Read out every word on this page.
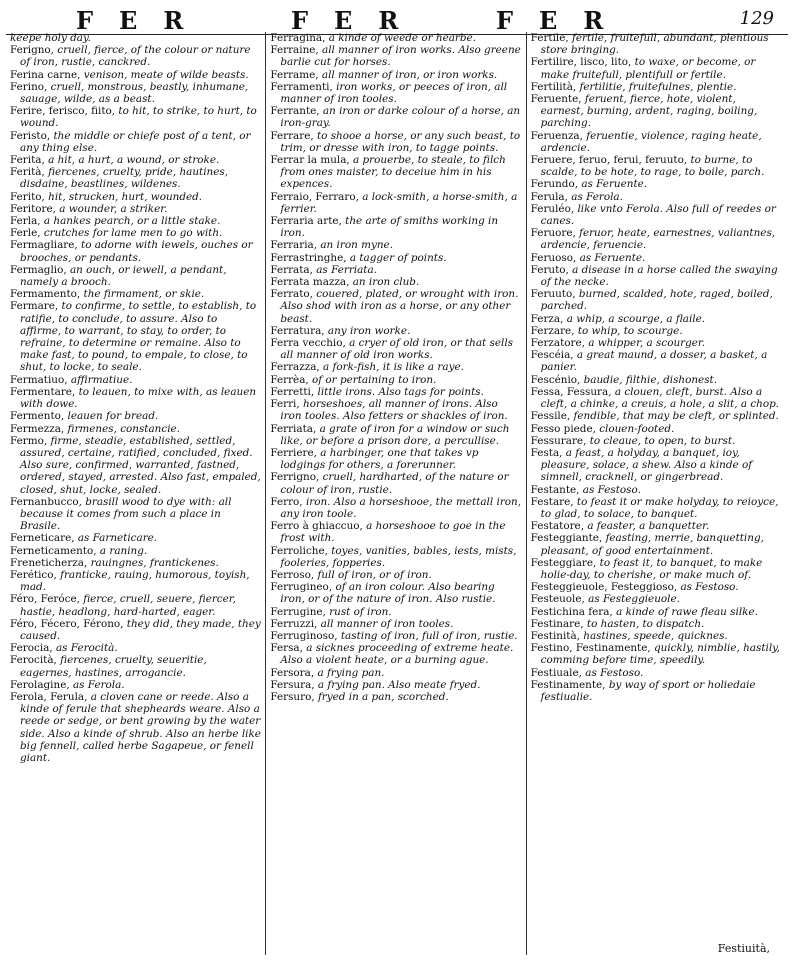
FER	FER	FER	129

keepe holy day.

Ferigno, cruell, fierce, of the colour or nature of iron, rustie, canckred.

Ferina carne, venison, meate of wilde beasts.

Ferino, cruell, monstrous, beastly, inhumane, sauage, wilde, as a beast.

Ferire, ferisco, fiito, to hit, to strike, to hurt, to wound.

Feristo, the middle or chiefe post of a tent, or any thing else.

Ferita, a hit, a hurt, a wound, or stroke.

Ferità, fiercenes, cruelty, pride, hautines, disdaine, beastlines, wildenes.

Ferito, hit, strucken, hurt, wounded.

Feritore, a wounder, a striker.

Ferla, a hankes pearch, or a little stake.

Ferle, crutches for lame men to go with.

Fermagliare, to adorne with iewels, ouches or brooches, or pendants.

Fermaglio, an ouch, or iewell, a pendant, namely a brooch.

Fermamento, the firmament, or skie.

Fermare, to confirme, to settle, to establish, to ratifie, to conclude, to assure. Also to affirme, to warrant, to stay, to order, to refraine, to determine or remaine. Also to make fast, to pound, to empale, to close, to shut, to locke, to seale.

Fermatiuo, affirmatiue.

Fermentare, to leauen, to mixe with, as leauen with dowe.

Fermento, leauen for bread.

Fermezza, firmenes, constancie.

Fermo, firme, steadie, established, settled, assured, certaine, ratified, concluded, fixed. Also sure, confirmed, warranted, fastned, ordered, stayed, arrested. Also fast, empaled, closed, shut, locke, sealed.

Fernanbucco, brasill wood to dye with: all because it comes from such a place in Brasile.

Ferneticare, as Farneticare.

Ferneticamento, a raning.

Freneticherza, rauingnes, frantickenes.

Ferético, franticke, rauing, humorous, toyish, mad.

Féro, Feróce, fierce, cruell, seuere, fiercer, hastie, headlong, hard-harted, eager.

Féro, Fécero, Férono, they did, they made, they caused.

Ferocia, as Ferocità.

Ferocità, fiercenes, cruelty, seueritie, eagernes, hastines, arrogancie.

Ferolagine, as Ferola.

Ferola, Ferula, a cloven cane or reede. Also a kinde of ferule that shepheards weare. Also a reede or sedge, or bent growing by the water side. Also a kinde of shrub. Also an herbe like big fennell, called herbe Sagapeue, or fenell giant.

Ferragina, a kinde of weede or hearbe.

Ferraine, all manner of iron works. Also greene barlie cut for horses.

Ferrame, all manner of iron, or iron works.

Ferramenti, iron works, or peeces of iron, all manner of iron tooles.

Ferrante, an iron or darke colour of a horse, an iron-gray.

Ferrare, to shooe a horse, or any such beast, to trim, or dresse with iron, to tagge points.

Ferrar la mula, a prouerbe, to steale, to filch from ones maister, to deceiue him in his expences.

Ferraio, Ferraro, a lock-smith, a horse-smith, a ferrier.

Ferraria arte, the arte of smiths working in iron.

Ferraria, an iron myne.

Ferrastringhe, a tagger of points.

Ferrata, as Ferriata.

Ferrata mazza, an iron club.

Ferrato, couered, plated, or wrought with iron. Also shod with iron as a horse, or any other beast.

Ferratura, any iron worke.

Ferra vecchio, a cryer of old iron, or that sells all manner of old iron works.

Ferrazza, a fork-fish, it is like a raye.

Ferrèa, of or pertaining to iron.

Ferretti, little irons. Also tags for points.

Ferri, horseshoes, all manner of irons. Also iron tooles. Also fetters or shackles of iron.

Ferriata, a grate of iron for a window or such like, or before a prison dore, a percullise.

Ferriere, a harbinger, one that takes vp lodgings for others, a forerunner.

Ferrigno, cruell, hardharted, of the nature or colour of iron, rustie.

Ferro, iron. Also a horseshooe, the mettall iron, any iron toole.

Ferro à ghiaccuo, a horseshooe to goe in the frost with.

Ferroliche, toyes, vanities, bables, iests, mists, fooleries, fopperies.

Ferroso, full of iron, or of iron.

Ferrugineo, of an iron colour. Also bearing iron, or of the nature of iron. Also rustie.

Ferrugine, rust of iron.

Ferruzzi, all manner of iron tooles.

Ferruginoso, tasting of iron, full of iron, rustie.

Fersa, a sicknes proceeding of extreme heate. Also a violent heate, or a burning ague.

Fersora, a frying pan.

Fersura, a frying pan. Also meate fryed.

Fersuro, fryed in a pan, scorched.

Fertile, fertile, fruitefull, abundant, plentious store bringing.

Fertilire, lisco, lito, to waxe, or become, or make fruitefull, plentifull or fertile.

Fertilità, fertilitie, fruitefulnes, plentie.

Feruente, feruent, fierce, hote, violent, earnest, burning, ardent, raging, boiling, parching.

Feruenza, feruentie, violence, raging heate, ardencie.

Feruere, feruo, ferui, feruuto, to burne, to scalde, to be hote, to rage, to boile, parch.

Ferundo, as Feruente.

Ferula, as Ferola.

Feruléo, like vnto Ferola. Also full of reedes or canes.

Feruore, feruor, heate, earnestnes, valiantnes, ardencie, feruencie.

Feruoso, as Feruente.

Feruto, a disease in a horse called the swaying of the necke.

Feruuto, burned, scalded, hote, raged, boiled, parched.

Ferza, a whip, a scourge, a flaile.

Ferzare, to whip, to scourge.

Ferzatore, a whipper, a scourger.

Fescéia, a great maund, a dosser, a basket, a panier.

Fescénio, baudie, filthie, dishonest.

Fessa, Fessura, a clouen, cleft, burst. Also a cleft, a chinke, a creuis, a hole, a slit, a chop.

Fessile, fendible, that may be cleft, or splinted.

Fesso piede, clouen-footed.

Fessurare, to cleaue, to open, to burst.

Festa, a feast, a holyday, a banquet, ioy, pleasure, solace, a shew. Also a kinde of simnell, cracknell, or gingerbread.

Festante, as Festoso.

Festare, to feast it or make holyday, to reioyce, to glad, to solace, to banquet.

Festatore, a feaster, a banquetter.

Festeggiante, feasting, merrie, banquetting, pleasant, of good entertainment.

Festeggiare, to feast it, to banquet, to make holie-day, to cherishe, or make much of.

Festeggieuole, Festeggioso, as Festoso.

Festeuole, as Festeggieuole.

Festichina fera, a kinde of rawe fleau silke.

Festinare, to hasten, to dispatch.

Festinità, hastines, speede, quicknes.

Festino, Festinamente, quickly, nimblie, hastily, comming before time, speedily.

Festiuale, as Festoso.

Festinamente, by way of sport or holiedaie festiualie.

Festiuità,
